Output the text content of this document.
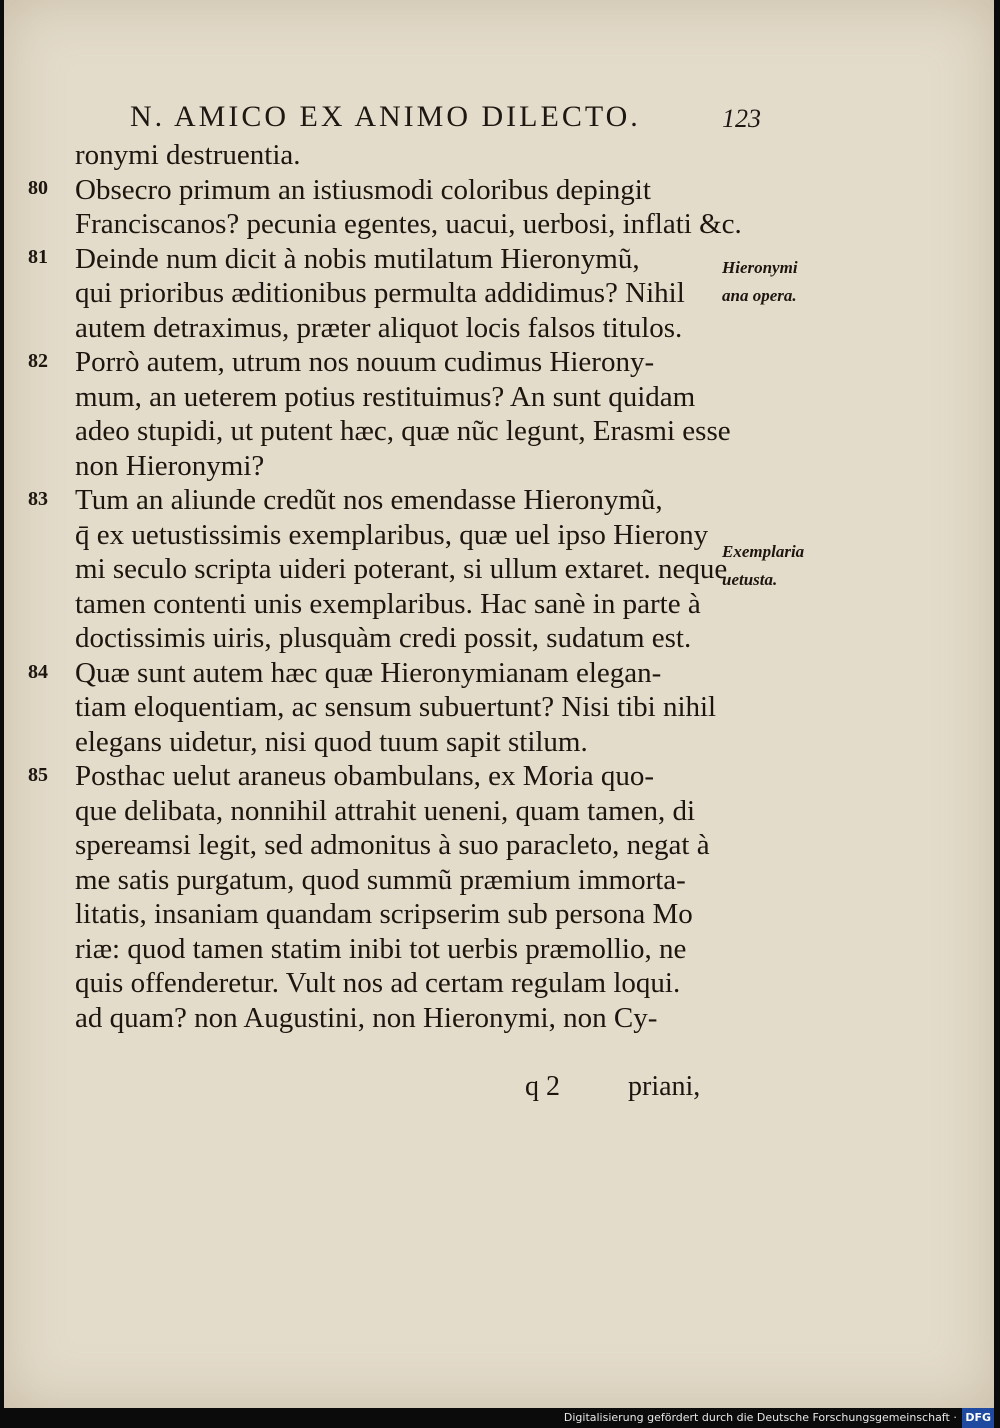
N. AMICO EX ANIMO DILECTO.	123
ronymi destruentia.
Obsecro primum an istiusmodi coloribus depingit
Franciscanos? pecunia egentes, uacui, uerbosi, inflati &c.
Deinde num dicit à nobis mutilatum Hieronymũ,
qui prioribus æditionibus permulta addidimus? Nihil
autem detraximus, præter aliquot locis falsos titulos.
Porrò autem, utrum nos nouum cudimus Hierony-
mum, an ueterem potius restituimus? An sunt quidam
adeo stupidi, ut putent hæc, quæ nũc legunt, Erasmi esse
non Hieronymi?
Tum an aliunde credũt nos emendasse Hieronymũ,
q̄ ex uetustissimis exemplaribus, quæ uel ipso Hierony
mi seculo scripta uideri poterant, si ullum extaret. neque
tamen contenti unis exemplaribus. Hac sanè in parte à
doctissimis uiris, plusquàm credi possit, sudatum est.
Quæ sunt autem hæc quæ Hieronymianam elegan-
tiam eloquentiam, ac sensum subuertunt? Nisi tibi nihil
elegans uidetur, nisi quod tuum sapit stilum.
Posthac uelut araneus obambulans, ex Moria quo-
que delibata, nonnihil attrahit ueneni, quam tamen, di
spereamsi legit, sed admonitus à suo paracleto, negat à
me satis purgatum, quod summũ præmium immorta-
litatis, insaniam quandam scripserim sub persona Mo
riæ: quod tamen statim inibi tot uerbis præmollio, ne
quis offenderetur. Vult nos ad certam regulam loqui.
ad quam? non Augustini, non Hieronymi, non Cy-
80
81
82
83
84
85
Hieronymi
ana opera.
Exemplaria
uetusta.
q 2 priani,
Digitalisierung gefördert durch die Deutsche Forschungsgemeinschaft · DFG
